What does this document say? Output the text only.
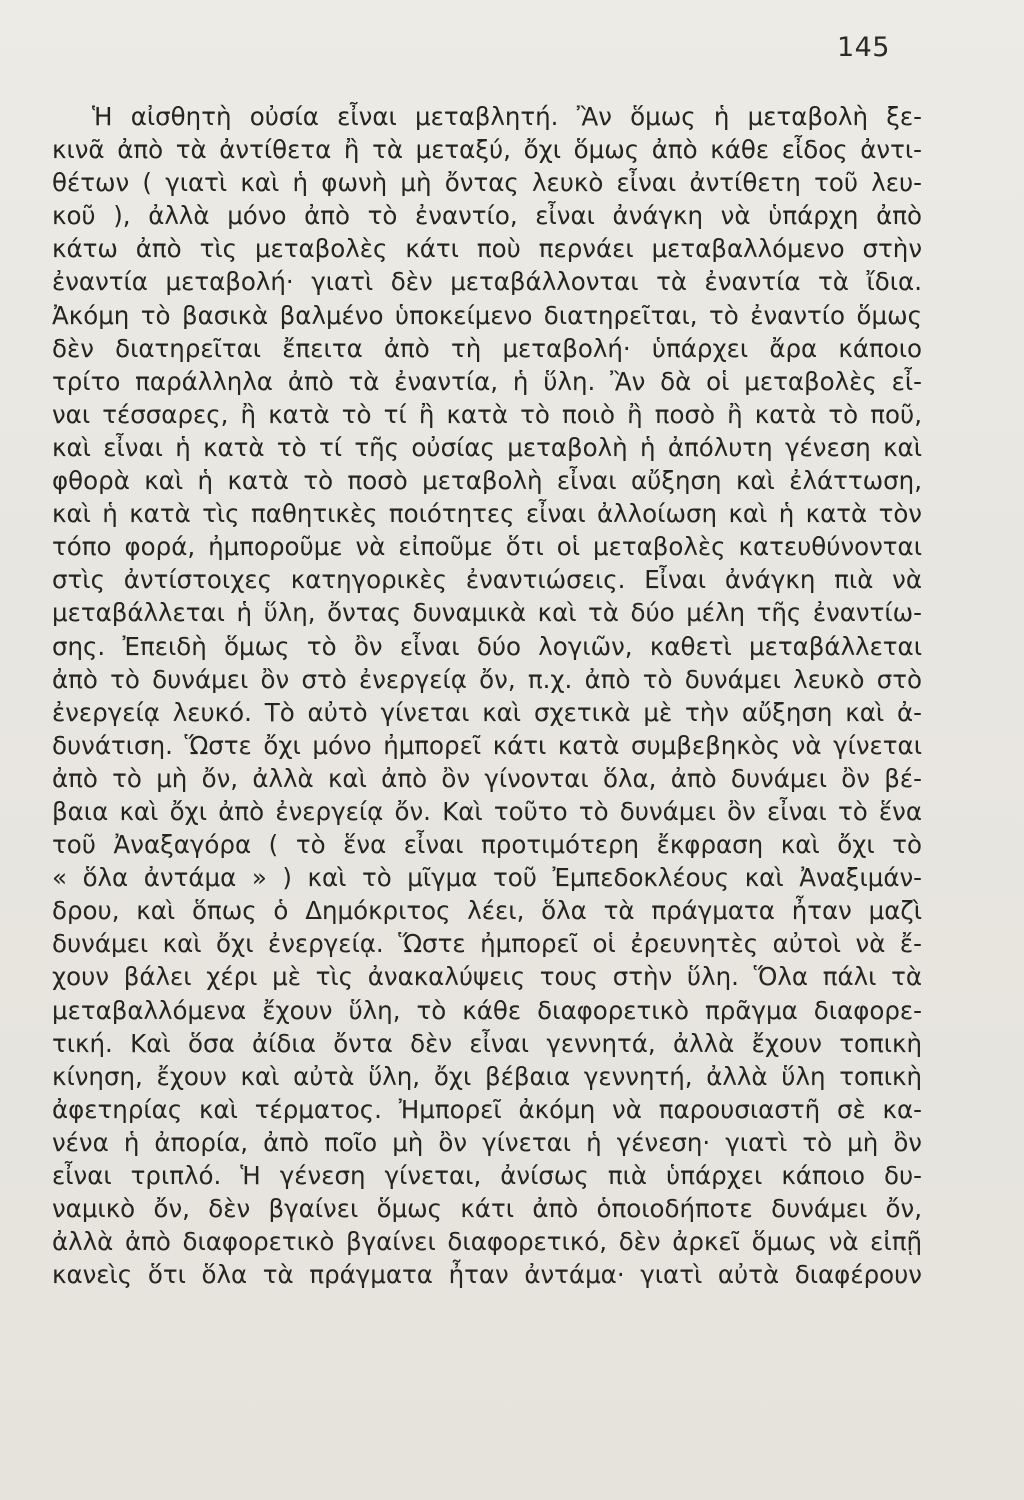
145
Ἡ αἰσθητὴ οὐσία εἶναι μεταβλητή. Ἂν ὅμως ἡ μεταβολὴ ξε-
κινᾶ ἀπὸ τὰ ἀντίθετα ἢ τὰ μεταξύ, ὄχι ὅμως ἀπὸ κάθε εἶδος ἀντι-
θέτων ( γιατὶ καὶ ἡ φωνὴ μὴ ὄντας λευκὸ εἶναι ἀντίθετη τοῦ λευ-
κοῦ ), ἀλλὰ μόνο ἀπὸ τὸ ἐναντίο, εἶναι ἀνάγκη νὰ ὑπάρχη ἀπὸ
κάτω ἀπὸ τὶς μεταβολὲς κάτι ποὺ περνάει μεταβαλλόμενο στὴν
ἐναντία μεταβολή· γιατὶ δὲν μεταβάλλονται τὰ ἐναντία τὰ ἴδια.
Ἀκόμη τὸ βασικὰ βαλμένο ὑποκείμενο διατηρεῖται, τὸ ἐναντίο ὅμως
δὲν διατηρεῖται ἔπειτα ἀπὸ τὴ μεταβολή· ὑπάρχει ἄρα κάποιο
τρίτο παράλληλα ἀπὸ τὰ ἐναντία, ἡ ὕλη. Ἂν δὰ οἱ μεταβολὲς εἶ-
ναι τέσσαρες, ἢ κατὰ τὸ τί ἢ κατὰ τὸ ποιὸ ἢ ποσὸ ἢ κατὰ τὸ ποῦ,
καὶ εἶναι ἡ κατὰ τὸ τί τῆς οὐσίας μεταβολὴ ἡ ἀπόλυτη γένεση καὶ
φθορὰ καὶ ἡ κατὰ τὸ ποσὸ μεταβολὴ εἶναι αὔξηση καὶ ἐλάττωση,
καὶ ἡ κατὰ τὶς παθητικὲς ποιότητες εἶναι ἀλλοίωση καὶ ἡ κατὰ τὸν
τόπο φορά, ἠμποροῦμε νὰ εἰποῦμε ὅτι οἱ μεταβολὲς κατευθύνονται
στὶς ἀντίστοιχες κατηγορικὲς ἐναντιώσεις. Εἶναι ἀνάγκη πιὰ νὰ
μεταβάλλεται ἡ ὕλη, ὄντας δυναμικὰ καὶ τὰ δύο μέλη τῆς ἐναντίω-
σης. Ἐπειδὴ ὅμως τὸ ὂν εἶναι δύο λογιῶν, καθετὶ μεταβάλλεται
ἀπὸ τὸ δυνάμει ὂν στὸ ἐνεργείᾳ ὄν, π.χ. ἀπὸ τὸ δυνάμει λευκὸ στὸ
ἐνεργείᾳ λευκό. Τὸ αὐτὸ γίνεται καὶ σχετικὰ μὲ τὴν αὔξηση καὶ ἀ-
δυνάτιση. Ὥστε ὄχι μόνο ἠμπορεῖ κάτι κατὰ συμβεβηκὸς νὰ γίνεται
ἀπὸ τὸ μὴ ὄν, ἀλλὰ καὶ ἀπὸ ὂν γίνονται ὅλα, ἀπὸ δυνάμει ὂν βέ-
βαια καὶ ὄχι ἀπὸ ἐνεργείᾳ ὄν. Καὶ τοῦτο τὸ δυνάμει ὂν εἶναι τὸ ἕνα
τοῦ Ἀναξαγόρα ( τὸ ἕνα εἶναι προτιμότερη ἔκφραση καὶ ὄχι τὸ
« ὅλα ἀντάμα » ) καὶ τὸ μῖγμα τοῦ Ἐμπεδοκλέους καὶ Ἀναξιμάν-
δρου, καὶ ὅπως ὁ Δημόκριτος λέει, ὅλα τὰ πράγματα ἦταν μαζὶ
δυνάμει καὶ ὄχι ἐνεργείᾳ. Ὥστε ἠμπορεῖ οἱ ἐρευνητὲς αὐτοὶ νὰ ἔ-
χουν βάλει χέρι μὲ τὶς ἀνακαλύψεις τους στὴν ὕλη. Ὅλα πάλι τὰ
μεταβαλλόμενα ἔχουν ὕλη, τὸ κάθε διαφορετικὸ πρᾶγμα διαφορε-
τική. Καὶ ὅσα ἀίδια ὄντα δὲν εἶναι γεννητά, ἀλλὰ ἔχουν τοπικὴ
κίνηση, ἔχουν καὶ αὐτὰ ὕλη, ὄχι βέβαια γεννητή, ἀλλὰ ὕλη τοπικὴ
ἀφετηρίας καὶ τέρματος. Ἠμπορεῖ ἀκόμη νὰ παρουσιαστῆ σὲ κα-
νένα ἡ ἀπορία, ἀπὸ ποῖο μὴ ὂν γίνεται ἡ γένεση· γιατὶ τὸ μὴ ὂν
εἶναι τριπλό. Ἡ γένεση γίνεται, ἀνίσως πιὰ ὑπάρχει κάποιο δυ-
ναμικὸ ὄν, δὲν βγαίνει ὅμως κάτι ἀπὸ ὁποιοδήποτε δυνάμει ὄν,
ἀλλὰ ἀπὸ διαφορετικὸ βγαίνει διαφορετικό, δὲν ἀρκεῖ ὅμως νὰ εἰπῇ
κανεὶς ὅτι ὅλα τὰ πράγματα ἦταν ἀντάμα· γιατὶ αὐτὰ διαφέρουν
